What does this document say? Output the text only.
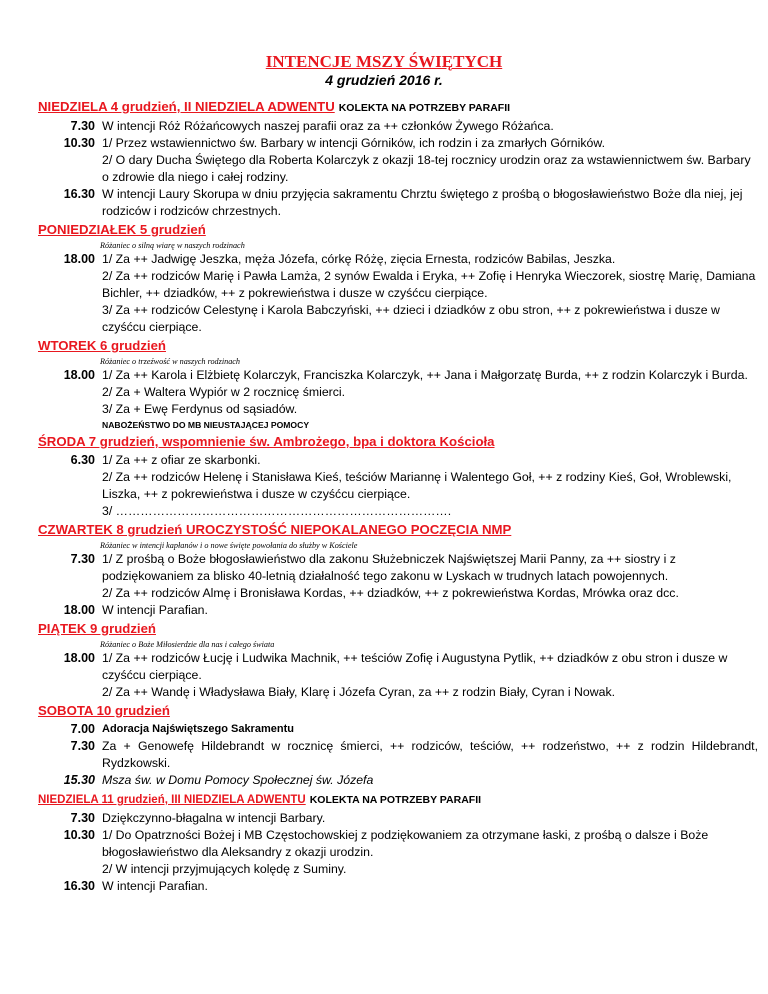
INTENCJE MSZY ŚWIĘTYCH
4 grudzień 2016 r.
NIEDZIELA 4 grudzień, II NIEDZIELA ADWENTU KOLEKTA NA POTRZEBY PARAFII
7.30 W intencji Róż Różańcowych naszej parafii oraz za ++ członków Żywego Różańca.
10.30 1/ Przez wstawiennictwo św. Barbary w intencji Górników, ich rodzin i za zmarłych Górników.
2/ O dary Ducha Świętego dla Roberta Kolarczyk z okazji 18-tej rocznicy urodzin oraz za wstawiennictwem św. Barbary o zdrowie dla niego i całej rodziny.
16.30 W intencji Laury Skorupa w dniu przyjęcia sakramentu Chrztu świętego z prośbą o błogosławieństwo Boże dla niej, jej rodziców i rodziców chrzestnych.
PONIEDZIAŁEK 5 grudzień
Różaniec o silną wiarę w naszych rodzinach
18.00 1/ Za ++ Jadwigę Jeszka, męża Józefa, córkę Różę, zięcia Ernesta, rodziców Babilas, Jeszka.
2/ Za ++ rodziców Marię i Pawła Lamża, 2 synów Ewalda i Eryka, ++ Zofię i Henryka Wieczorek, siostrę Marię, Damiana Bichler, ++ dziadków, ++ z pokrewieństwa i dusze w czyśćcu cierpiące.
3/ Za ++ rodziców Celestynę i Karola Babczyński, ++ dzieci i dziadków z obu stron, ++ z pokrewieństwa i dusze w czyśćcu cierpiące.
WTOREK 6 grudzień
Różaniec o trzeźwość w naszych rodzinach
18.00 1/ Za ++ Karola i Elżbietę Kolarczyk, Franciszka Kolarczyk, ++ Jana i Małgorzatę Burda, ++ z rodzin Kolarczyk i Burda.
2/ Za + Waltera Wypiór w 2 rocznicę śmierci.
3/ Za + Ewę Ferdynus od sąsiadów.
NABOŻEŃSTWO DO MB NIEUSTAJĄCEJ POMOCY
ŚRODA 7 grudzień, wspomnienie św. Ambrożego, bpa i doktora Kościoła
6.30 1/ Za ++ z ofiar ze skarbonki.
2/ Za ++ rodziców Helenę i Stanisława Kieś, teściów Mariannę i Walentego Goł, ++ z rodziny Kieś, Goł, Wroblewski, Liszka, ++ z pokrewieństwa i dusze w czyśćcu cierpiące.
3/ ……………………………………………………………………….
CZWARTEK 8 grudzień UROCZYSTOŚĆ NIEPOKALANEGO POCZĘCIA NMP
Różaniec w intencji kapłanów i o nowe święte powołania do służby w Kościele
7.30 1/ Z prośbą o Boże błogosławieństwo dla zakonu Służebniczek Najświętszej Marii Panny, za ++ siostry i z podziękowaniem za blisko 40-letnią działalność tego zakonu w Lyskach w trudnych latach powojennych.
2/ Za ++ rodziców Almę i Bronisława Kordas, ++ dziadków, ++ z pokrewieństwa Kordas, Mrówka oraz dcc.
18.00 W intencji Parafian.
PIĄTEK 9 grudzień
Różaniec o Boże Miłosierdzie dla nas i całego świata
18.00 1/ Za ++ rodziców Łucję i Ludwika Machnik, ++ teściów Zofię i Augustyna Pytlik, ++ dziadków z obu stron i dusze w czyśćcu cierpiące.
2/ Za ++ Wandę i Władysława Biały, Klarę i Józefa Cyran, za ++ z rodzin Biały, Cyran i Nowak.
SOBOTA 10 grudzień
7.00 Adoracja Najświętszego Sakramentu
7.30 Za + Genowefę Hildebrandt w rocznicę śmierci, ++ rodziców, teściów, ++ rodzeństwo, ++ z rodzin Hildebrandt, Rydzkowski.
15.30 Msza św. w Domu Pomocy Społecznej św. Józefa
NIEDZIELA 11 grudzień, III NIEDZIELA ADWENTU KOLEKTA NA POTRZEBY PARAFII
7.30 Dziękczynno-błagalna w intencji Barbary.
10.30 1/ Do Opatrzności Bożej i MB Częstochowskiej z podziękowaniem za otrzymane łaski, z prośbą o dalsze i Boże błogosławieństwo dla Aleksandry z okazji urodzin.
2/ W intencji przyjmujących kolędę z Suminy.
16.30 W intencji Parafian.
